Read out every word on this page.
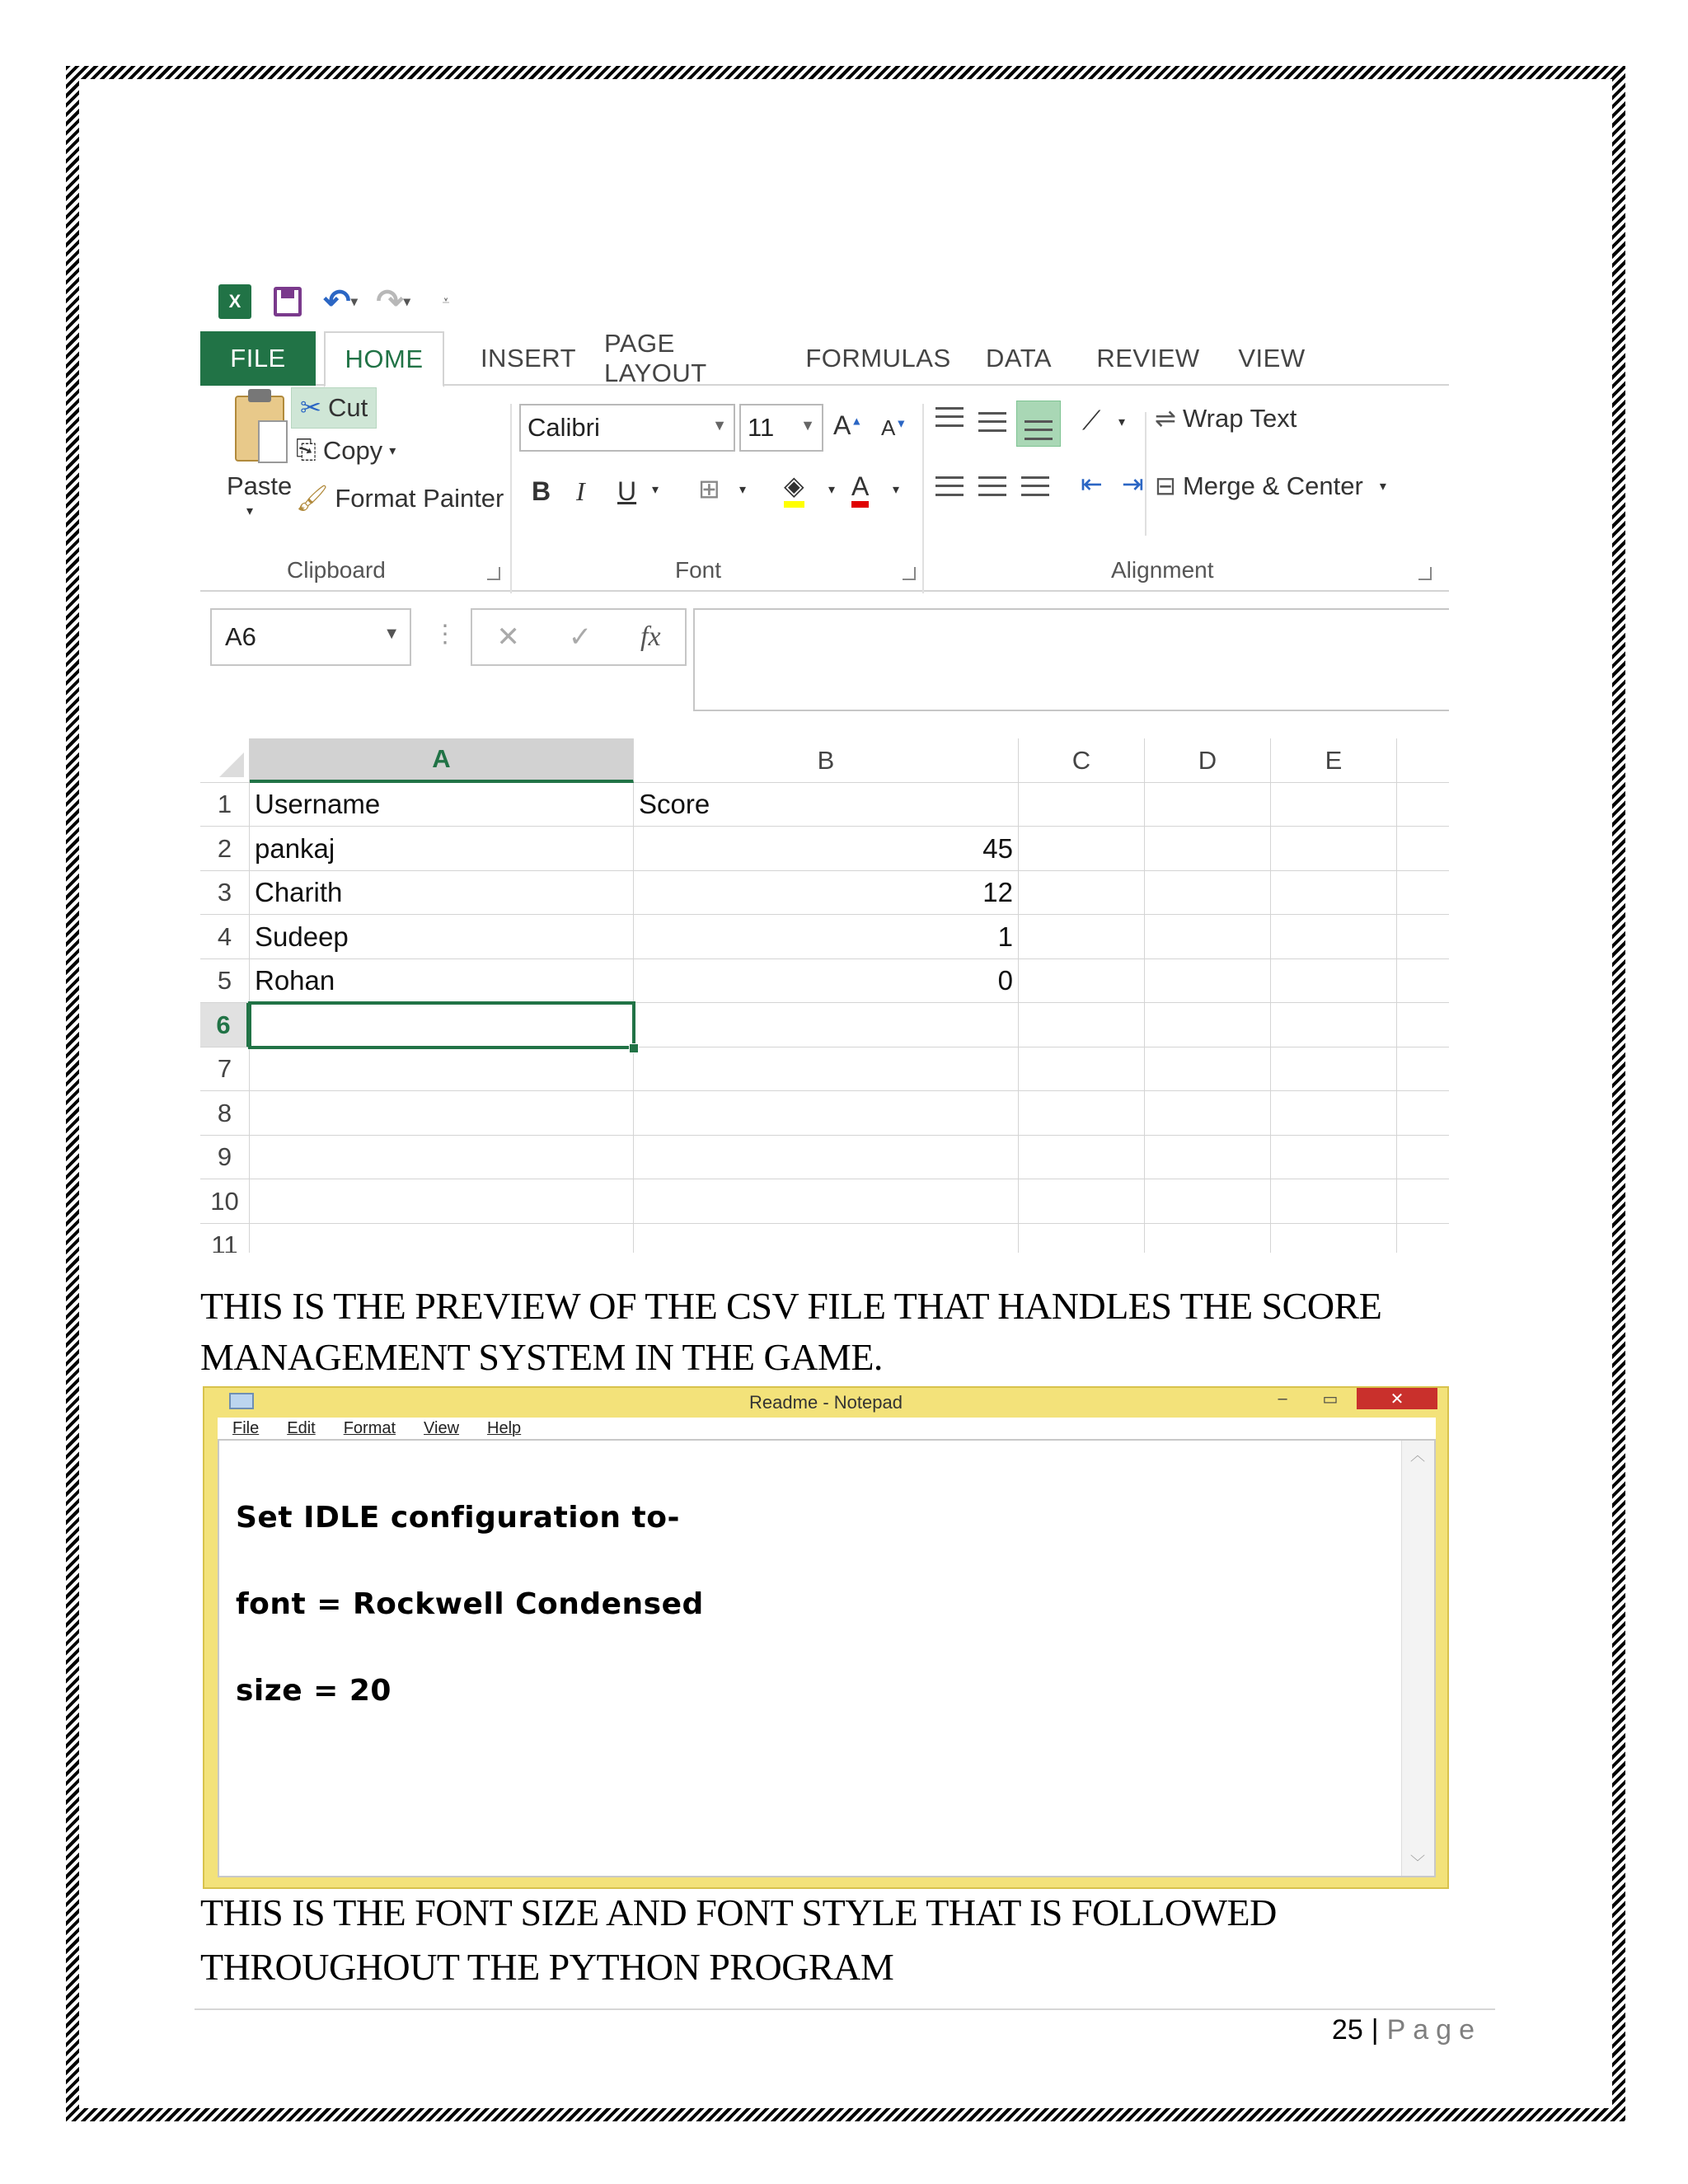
X	↶ ▾ ↷ ▾	⩡
FILE	HOME	INSERT
PAGE LAYOUT
FORMULAS	DATA	REVIEW	VIEW
Paste
▾
✂ Cut
⎘ Copy ▾
🖌 Format Painter
Clipboard
Calibri	▼ 11 ▼ A▲ A▼
B I U ▾ ⊞ ▾ ◈ ▾ A ▾
Font
⟋ ▾ ⇌ Wrap Text
⇤ ⇥ ⊟ Merge & Center ▾
Alignment
A6	▼ ⋮ ✕ ✓ fx
A	B	C	D	E
1
2
3
4
5
6
7
8
9
10
11
Username	Score
pankaj	45
Charith	12
Sudeep	1
Rohan	0
THIS IS THE PREVIEW OF THE CSV FILE THAT HANDLES THE SCORE
MANAGEMENT SYSTEM IN THE GAME.
Readme - Notepad	–	▭	✕
File Edit Format View Help

Set IDLE configuration to-

font = Rockwell Condensed

size = 20

︿
﹀
THIS IS THE FONT SIZE AND FONT STYLE THAT IS FOLLOWED
THROUGHOUT THE PYTHON PROGRAM
25 | Page
